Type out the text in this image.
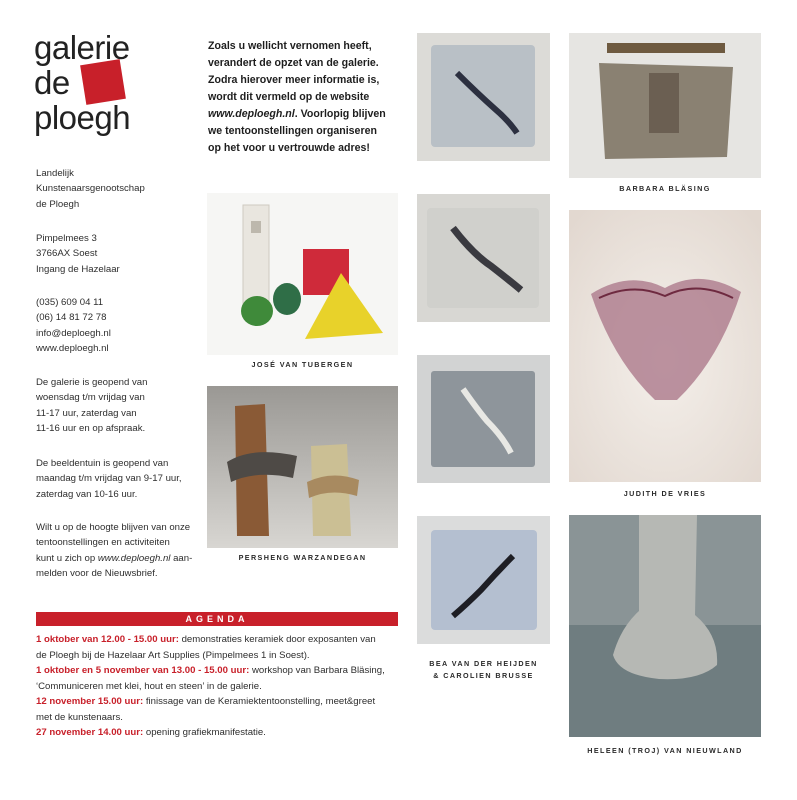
galerie
de
ploegh
Landelijk
Kunstenaarsgenootschap
de Ploegh
Pimpelmees 3
3766AX Soest
Ingang de Hazelaar
(035) 609 04 11
(06) 14 81 72 78
info@deploegh.nl
www.deploegh.nl
De galerie is geopend van
woensdag t/m vrijdag van
11-17 uur, zaterdag van
11-16 uur en op afspraak.
De beeldentuin is geopend van
maandag t/m vrijdag van 9-17 uur,
zaterdag van 10-16 uur.
Wilt u op de hoogte blijven van onze
tentoonstellingen en activiteiten
kunt u zich op www.deploegh.nl aan-
melden voor de Nieuwsbrief.
Zoals u wellicht vernomen heeft,
verandert de opzet van de galerie.
Zodra hierover meer informatie is,
wordt dit vermeld op de website
www.deploegh.nl. Voorlopig blijven
we tentoonstellingen organiseren
op het voor u vertrouwde adres!
JOSÉ VAN TUBERGEN
PERSHENG WARZANDEGAN
BEA VAN DER HEIJDEN
& CAROLIEN BRUSSE
BARBARA BLÄSING
JUDITH DE VRIES
HELEEN (TROJ) VAN NIEUWLAND
AGENDA
1 oktober van 12.00 - 15.00 uur: demonstraties keramiek door exposanten van
de Ploegh bij de Hazelaar Art Supplies (Pimpelmees 1 in Soest).
1 oktober en 5 november van 13.00 - 15.00 uur: workshop van Barbara Bläsing,
‘Communiceren met klei, hout en steen’ in de galerie.
12 november 15.00 uur: finissage van de Keramiektentoonstelling, meet&greet
met de kunstenaars.
27 november 14.00 uur: opening grafiekmanifestatie.
